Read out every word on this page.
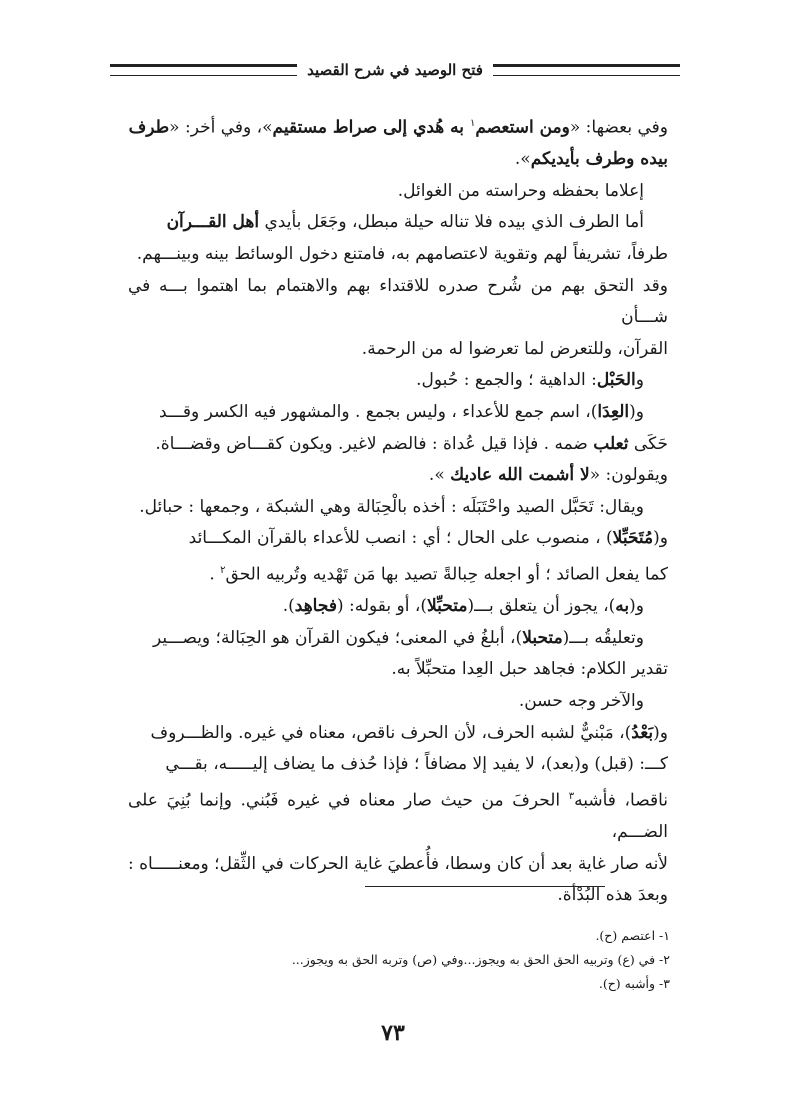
فتح الوصيد في شرح القصيد

وفي بعضها: «ومن استعصم$^١$ به هُدي إلى صراط مستقيم»، وفي أخر: «طرف

بيده وطرف بأيديكم».

إعلاما بحفظه وحراسته من الغوائل.

أما الطرف الذي بيده فلا تناله حيلة مبطل، وجَعَل بأيدي أهل القـــرآن

طرفاً، تشريفاً لهم وتقوية لاعتصامهم به، فامتنع دخول الوسائط بينه وبينـــهم.

وقد التحق بهم من شُرح صدره للاقتداء بهم والاهتمام بما اهتموا بـــه في شـــأن

القرآن، وللتعرض لما تعرضوا له من الرحمة.

والحَبْل: الداهية ؛ والجمع : حُبول.

و(العِدَا)، اسم جمع للأعداء ، وليس بجمع . والمشهور فيه الكسر وقـــد

حَكَى ثعلب ضمه . فإذا قيل عُداة : فالضم لاغير. ويكون كقـــاض وقضـــاة.

ويقولون: «لا أشمت الله عاديك ».

ويقال: تَحَبَّل الصيد واحْتَبَلَه : أخذه بالْحِبَالة وهي الشبكة ، وجمعها : حبائل.

و(مُتَحَبِّلا) ، منصوب على الحال ؛ أي : انصب للأعداء بالقرآن المكـــائد

كما يفعل الصائد ؛ أو اجعله حِبالةً تصيد بها مَن تَهْديه وتُربيه الحق$^٢$ .

و(به)، يجوز أن يتعلق بـــ(متحبِّلا)، أو بقوله: (فجاهِد).

وتعليقُه بـــ(متحبلا)، أبلغُ في المعنى؛ فيكون القرآن هو الحِبَالة؛ ويصـــير

تقدير الكلام: فجاهد حبل العِدا متحبِّلاً به.

والآخر وجه حسن.

و(بَعْدُ)، مَبْنيٌّ لشبه الحرف، لأن الحرف ناقص، معناه في غيره. والظـــروف

كـــ: (قبل) و(بعد)، لا يفيد إلا مضافاً ؛ فإذا حُذف ما يضاف إليـــــه، بقـــي

ناقصا، فأشبه$^٣$ الحرفَ من حيث صار معناه في غيره فَبُني. وإنما بُنِيَ على الضـــم،

لأنه صار غاية بعد أن كان وسطا، فأُعطيَ غاية الحركات في الثِّقل؛ ومعنـــــاه :

وبعدَ هذه البُدْأة.

١- اعتصم (ح).

٢- في (ع) وتربيه الحق الحق به ويجوز...وفي (ص) وتربه الحق به ويجوز...

٣- وأشبه (ح).

٧٣
